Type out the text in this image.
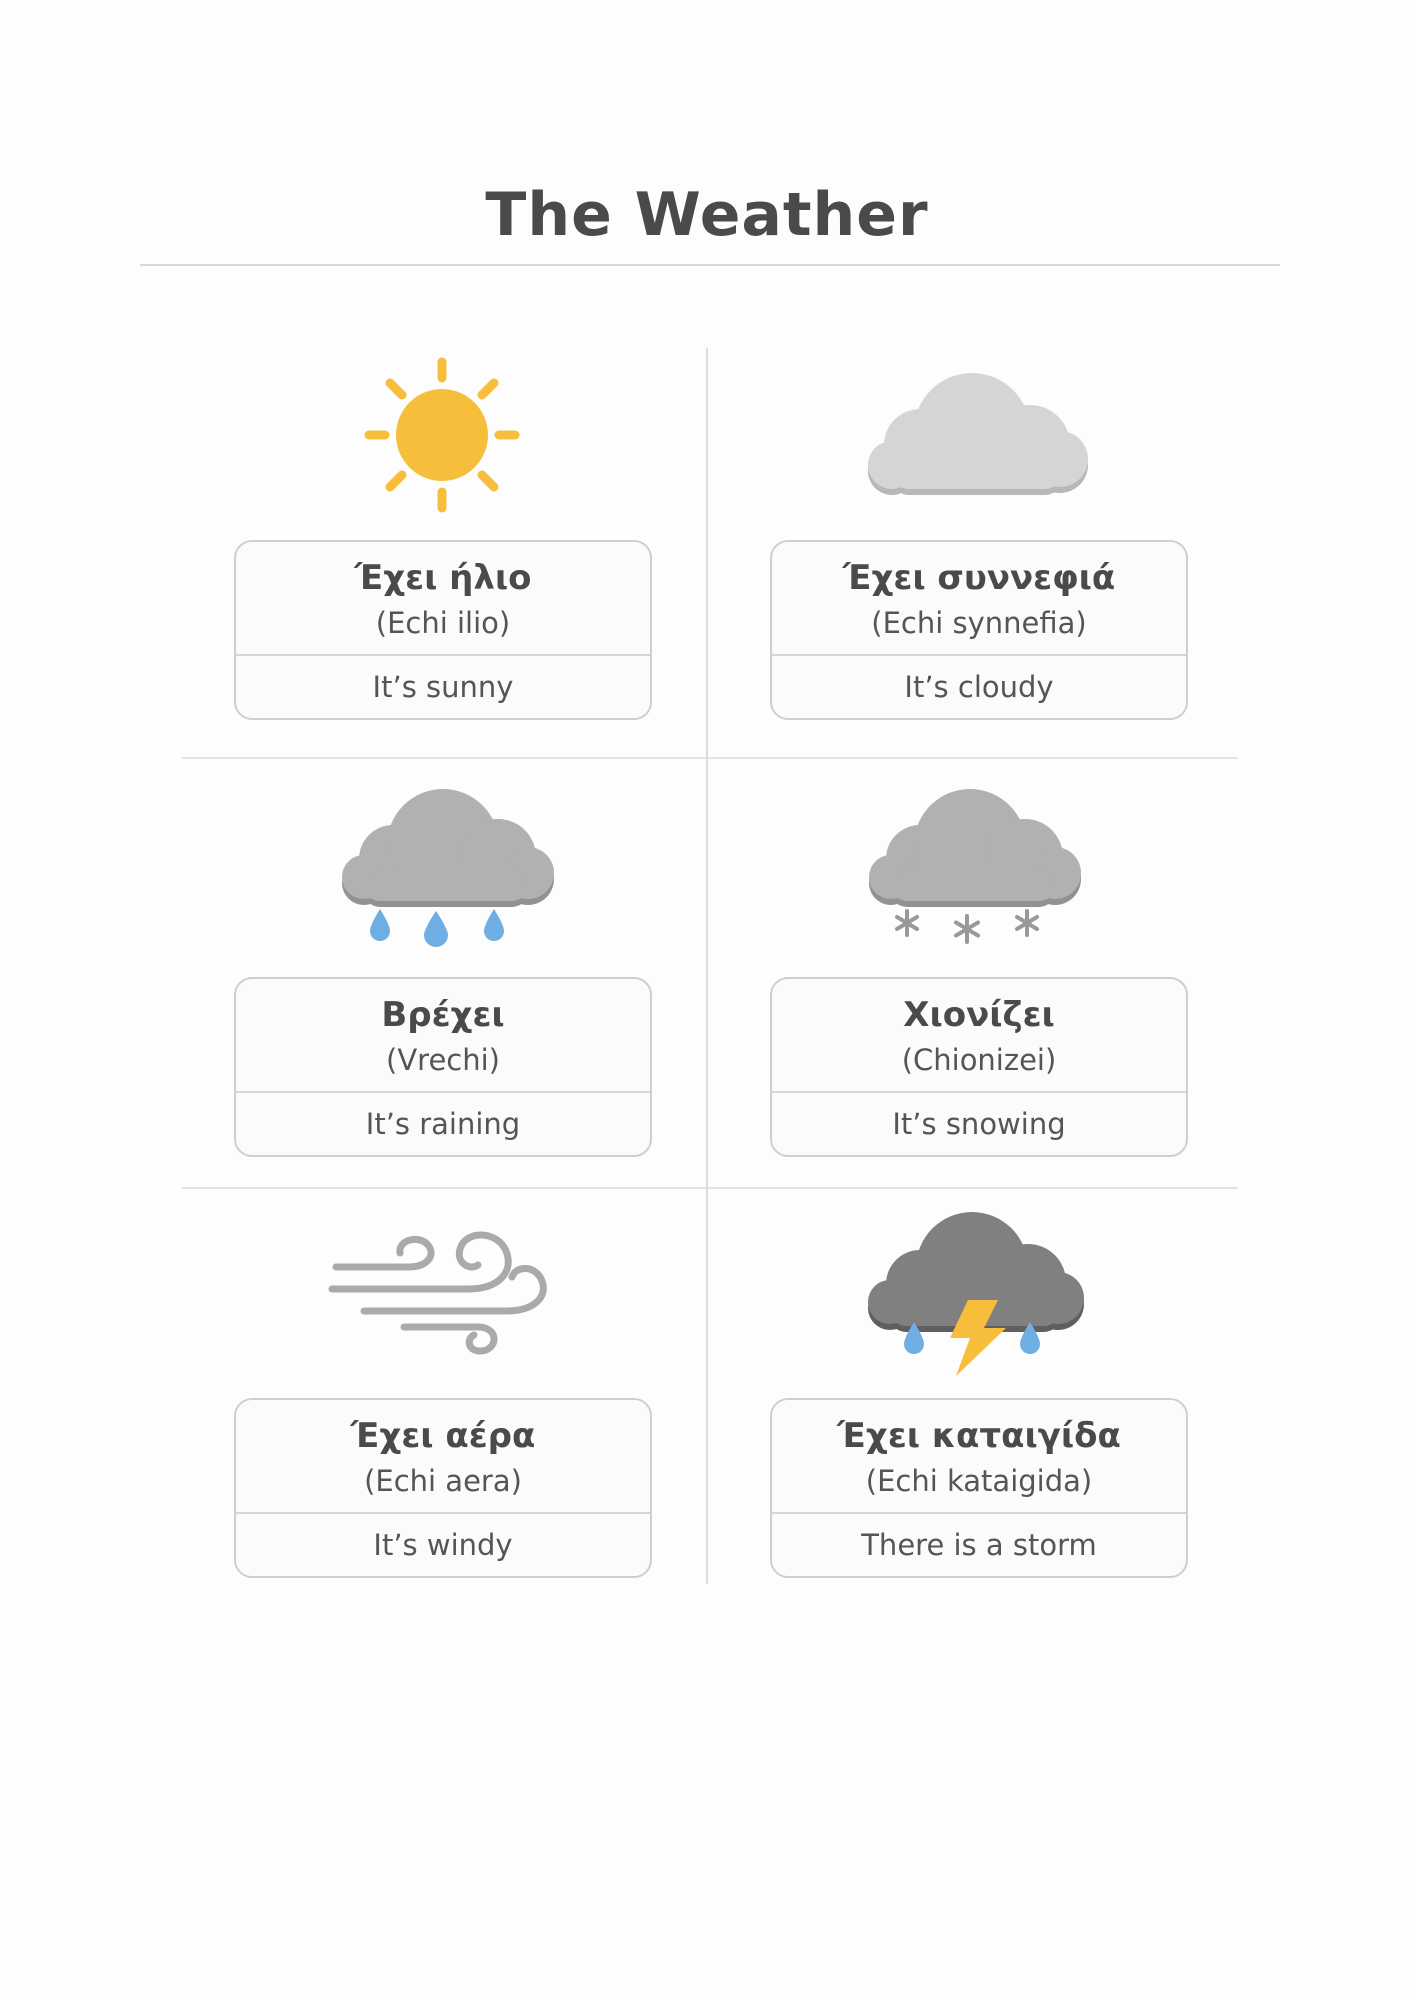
The Weather
Έχει ήλιο
(Echi ilio)
It’s sunny
Έχει συννεφιά
(Echi synnefia)
It’s cloudy
Βρέχει
(Vrechi)
It’s raining
Χιονίζει
(Chionizei)
It’s snowing
Έχει αέρα
(Echi aera)
It’s windy
Έχει καταιγίδα
(Echi kataigida)
There is a storm
